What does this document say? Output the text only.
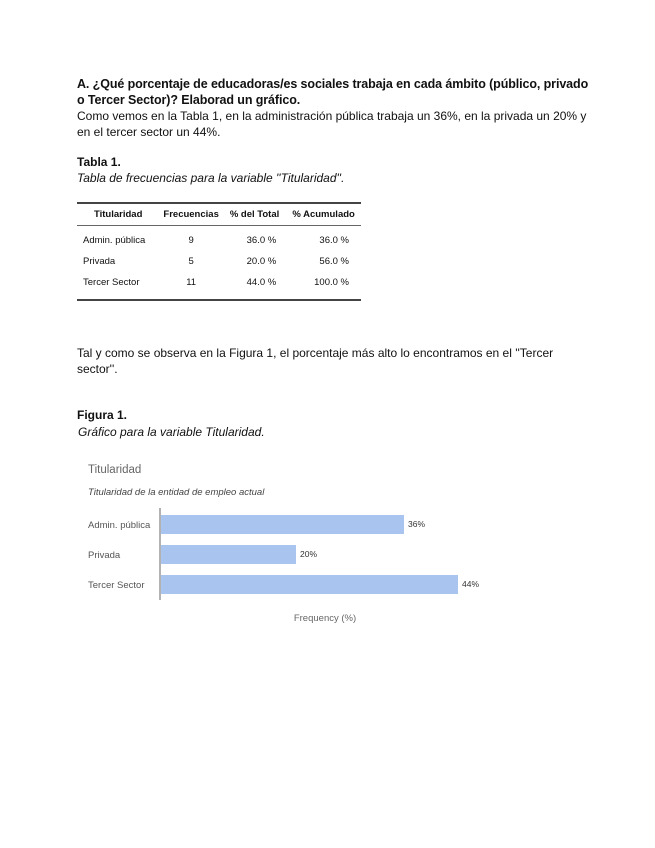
A. ¿Qué porcentaje de educadoras/es sociales trabaja en cada ámbito (público, privado o Tercer Sector)? Elaborad un gráfico.
Como vemos en la Tabla 1, en la administración pública trabaja un 36%, en la privada un 20% y en el tercer sector un 44%.
Tabla 1.
Tabla de frecuencias para la variable ''Titularidad''.
Titularidad	Frecuencias	% del Total	% Acumulado
Admin. pública	9	36.0 %	36.0 %
Privada	5	20.0 %	56.0 %
Tercer Sector	11	44.0 %	100.0 %
Tal y como se observa en la Figura 1, el porcentaje más alto lo encontramos en el ''Tercer sector''.
Figura 1.
Gráfico para la variable Titularidad.
Titularidad
Titularidad de la entidad de empleo actual
Admin. pública	36%
Privada	20%
Tercer Sector	44%
Frequency (%)
